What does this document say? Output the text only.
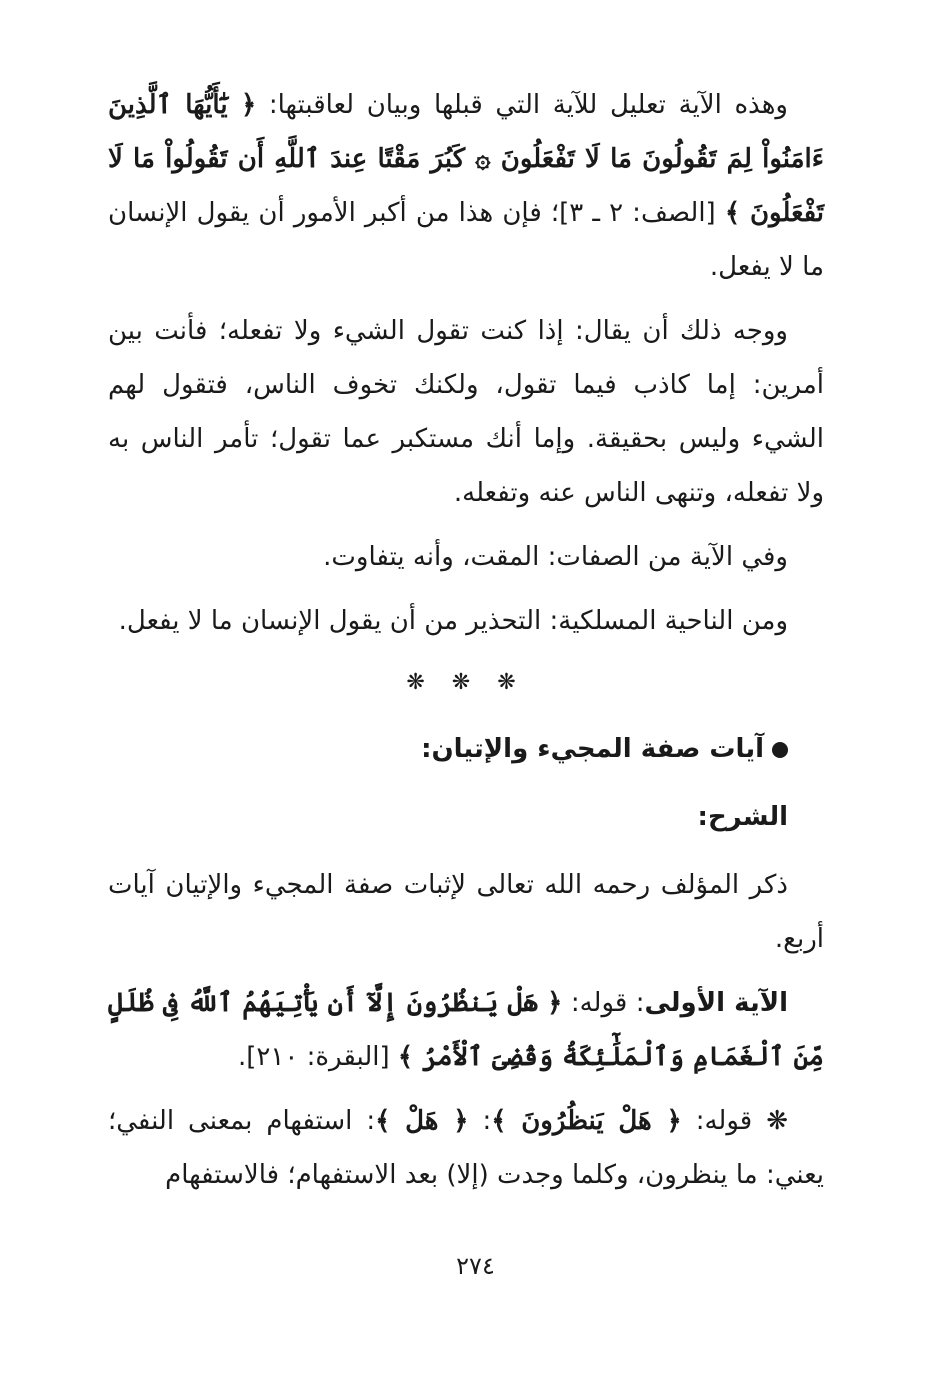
وهذه الآية تعليل للآية التي قبلها وبيان لعاقبتها: ﴿ يَٰٓأَيُّهَا ٱلَّذِينَ ءَامَنُواْ لِمَ تَقُولُونَ مَا لَا تَفْعَلُونَ ۞ كَبُرَ مَقْتًا عِندَ ٱللَّهِ أَن تَقُولُواْ مَا لَا تَفْعَلُونَ ﴾ [الصف: ٢ ـ ٣]؛ فإن هذا من أكبر الأمور أن يقول الإنسان ما لا يفعل.

ووجه ذلك أن يقال: إذا كنت تقول الشيء ولا تفعله؛ فأنت بين أمرين: إما كاذب فيما تقول، ولكنك تخوف الناس، فتقول لهم الشيء وليس بحقيقة. وإما أنك مستكبر عما تقول؛ تأمر الناس به ولا تفعله، وتنهى الناس عنه وتفعله.

وفي الآية من الصفات: المقت، وأنه يتفاوت.

ومن الناحية المسلكية: التحذير من أن يقول الإنسان ما لا يفعل.

❋ ❋ ❋

آيات صفة المجيء والإتيان:

الشرح:

ذكر المؤلف رحمه الله تعالى لإثبات صفة المجيء والإتيان آيات أربع.

الآية الأولى: قوله: ﴿ هَلْ يَنظُرُونَ إِلَّآ أَن يَأْتِيَهُمُ ٱللَّهُ فِى ظُلَلٍ مِّنَ ٱلْغَمَامِ وَٱلْمَلَٰٓئِكَةُ وَقُضِىَ ٱلْأَمْرُ ﴾ [البقرة: ٢١٠].

❋ قوله: ﴿ هَلْ يَنظُرُونَ ﴾: ﴿ هَلْ ﴾: استفهام بمعنى النفي؛ يعني: ما ينظرون، وكلما وجدت (إلا) بعد الاستفهام؛ فالاستفهام

٢٧٤
